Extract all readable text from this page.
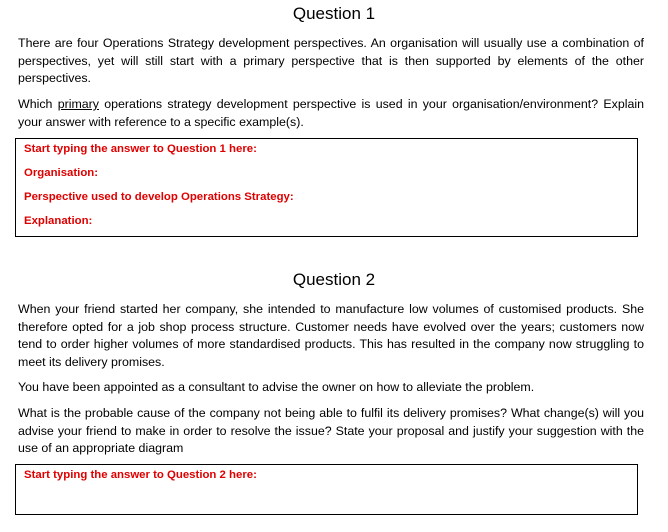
Question 1
There are four Operations Strategy development perspectives. An organisation will usually use a combination of perspectives, yet will still start with a primary perspective that is then supported by elements of the other perspectives.
Which primary operations strategy development perspective is used in your organisation/environment? Explain your answer with reference to a specific example(s).
Start typing the answer to Question 1 here:
Organisation:
Perspective used to develop Operations Strategy:
Explanation:
Question 2
When your friend started her company, she intended to manufacture low volumes of customised products. She therefore opted for a job shop process structure. Customer needs have evolved over the years; customers now tend to order higher volumes of more standardised products. This has resulted in the company now struggling to meet its delivery promises.
You have been appointed as a consultant to advise the owner on how to alleviate the problem.
What is the probable cause of the company not being able to fulfil its delivery promises? What change(s) will you advise your friend to make in order to resolve the issue? State your proposal and justify your suggestion with the use of an appropriate diagram
Start typing the answer to Question 2 here:
